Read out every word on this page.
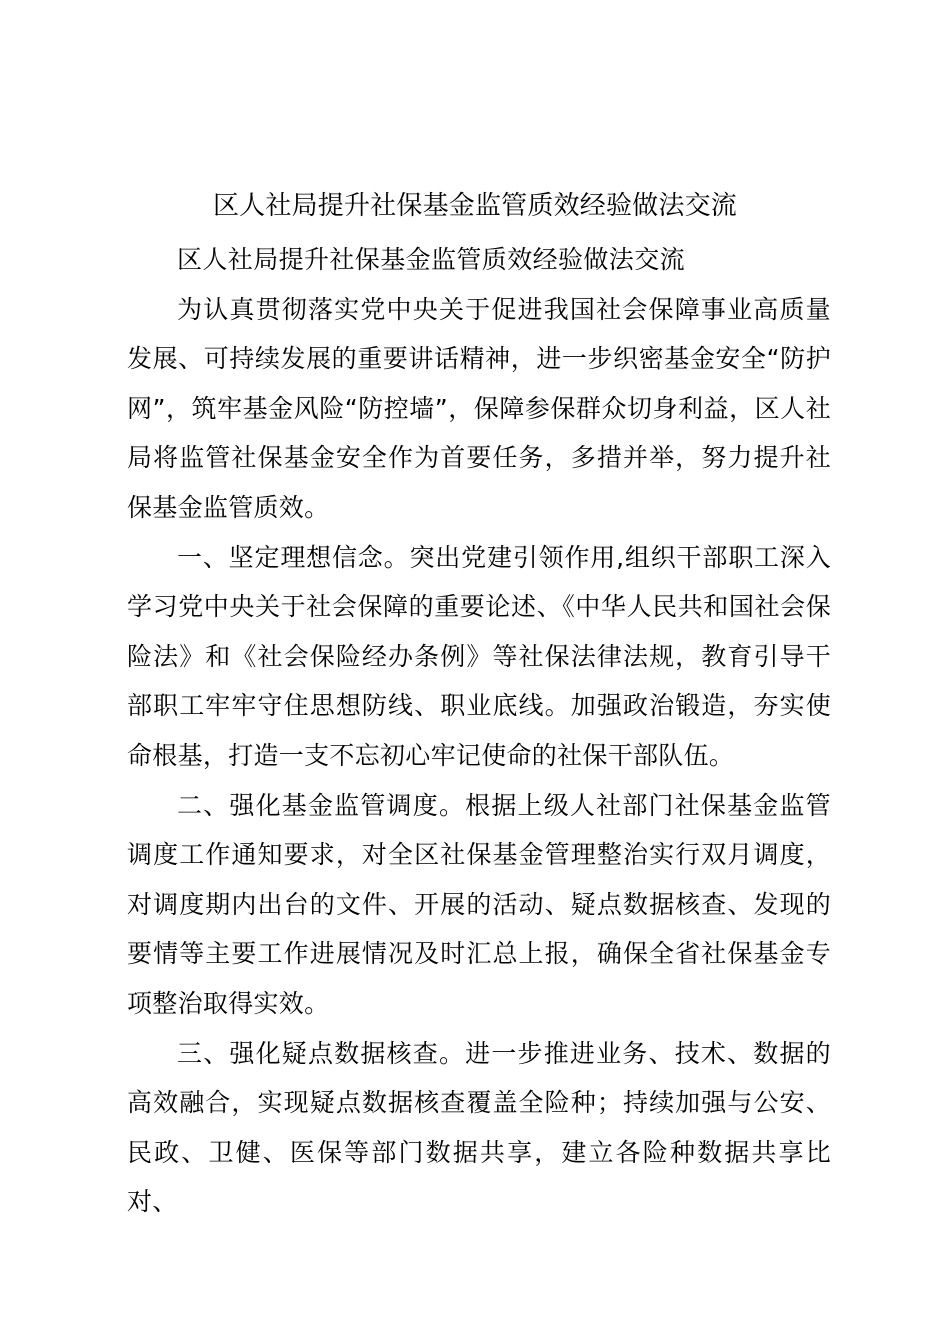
区人社局提升社保基金监管质效经验做法交流

区人社局提升社保基金监管质效经验做法交流

为认真贯彻落实党中央关于促进我国社会保障事业高质量发展、可持续发展的重要讲话精神，进一步织密基金安全“防护网”，筑牢基金风险“防控墙”，保障参保群众切身利益，区人社局将监管社保基金安全作为首要任务，多措并举，努力提升社保基金监管质效。

一、坚定理想信念。突出党建引领作用,组织干部职工深入学习党中央关于社会保障的重要论述、《中华人民共和国社会保险法》和《社会保险经办条例》等社保法律法规，教育引导干部职工牢牢守住思想防线、职业底线。加强政治锻造，夯实使命根基，打造一支不忘初心牢记使命的社保干部队伍。

二、强化基金监管调度。根据上级人社部门社保基金监管调度工作通知要求，对全区社保基金管理整治实行双月调度，对调度期内出台的文件、开展的活动、疑点数据核查、发现的要情等主要工作进展情况及时汇总上报，确保全省社保基金专项整治取得实效。

三、强化疑点数据核查。进一步推进业务、技术、数据的高效融合，实现疑点数据核查覆盖全险种；持续加强与公安、民政、卫健、医保等部门数据共享，建立各险种数据共享比对、
